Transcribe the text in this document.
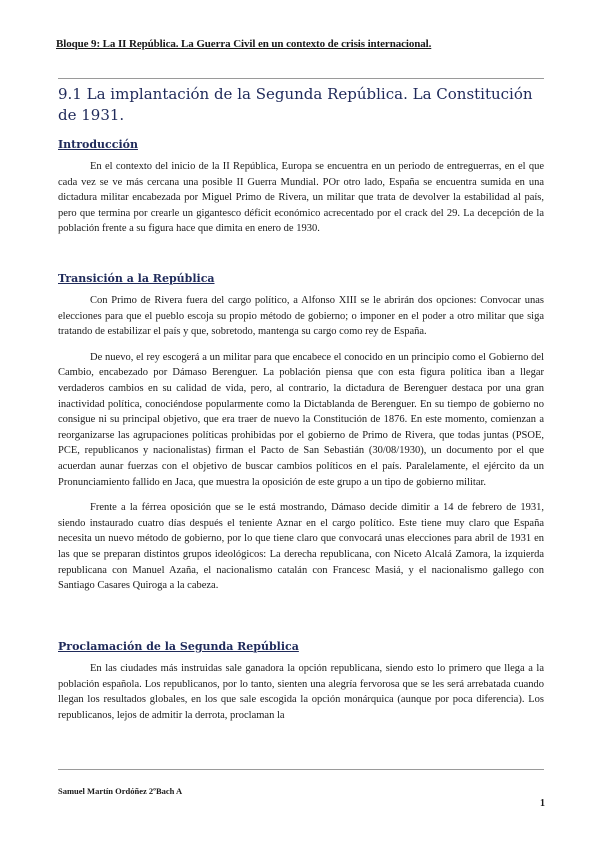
Bloque 9: La II República. La Guerra Civil en un contexto de crisis internacional.
9.1 La implantación de la Segunda República. La Constitución de 1931.
Introducción

En el contexto del inicio de la II República, Europa se encuentra en un periodo de entreguerras, en el que cada vez se ve más cercana una posible II Guerra Mundial. POr otro lado, España se encuentra sumida en una dictadura militar encabezada por Miguel Primo de Rivera, un militar que trata de devolver la estabilidad al país, pero que termina por crearle un gigantesco déficit económico acrecentado por el crack del 29. La decepción de la población frente a su figura hace que dimita en enero de 1930.

Transición a la República

Con Primo de Rivera fuera del cargo político, a Alfonso XIII se le abrirán dos opciones: Convocar unas elecciones para que el pueblo escoja su propio método de gobierno; o imponer en el poder a otro militar que siga tratando de estabilizar el país y que, sobretodo, mantenga su cargo como rey de España.

De nuevo, el rey escogerá a un militar para que encabece el conocido en un principio como el Gobierno del Cambio, encabezado por Dámaso Berenguer. La población piensa que con esta figura política iban a llegar verdaderos cambios en su calidad de vida, pero, al contrario, la dictadura de Berenguer destaca por una gran inactividad política, conociéndose popularmente como la Dictablanda de Berenguer. En su tiempo de gobierno no consigue ni su principal objetivo, que era traer de nuevo la Constitución de 1876. En este momento, comienzan a reorganizarse las agrupaciones políticas prohibidas por el gobierno de Primo de Rivera, que todas juntas (PSOE, PCE, republicanos y nacionalistas) firman el Pacto de San Sebastián (30/08/1930), un documento por el que acuerdan aunar fuerzas con el objetivo de buscar cambios políticos en el país. Paralelamente, el ejército da un Pronunciamiento fallido en Jaca, que muestra la oposición de este grupo a un tipo de gobierno militar.

Frente a la férrea oposición que se le está mostrando, Dámaso decide dimitir a 14 de febrero de 1931, siendo instaurado cuatro días después el teniente Aznar en el cargo político. Este tiene muy claro que España necesita un nuevo método de gobierno, por lo que tiene claro que convocará unas elecciones para abril de 1931 en las que se preparan distintos grupos ideológicos: La derecha republicana, con Niceto Alcalá Zamora, la izquierda republicana con Manuel Azaña, el nacionalismo catalán con Francesc Masiá, y el nacionalismo gallego con Santiago Casares Quiroga a la cabeza.

Proclamación de la Segunda República

En las ciudades más instruidas sale ganadora la opción republicana, siendo esto lo primero que llega a la población española. Los republicanos, por lo tanto, sienten una alegría fervorosa que se les será arrebatada cuando llegan los resultados globales, en los que sale escogida la opción monárquica (aunque por poca diferencia). Los republicanos, lejos de admitir la derrota, proclaman la

Samuel Martín Ordóñez 2ºBach A
1
